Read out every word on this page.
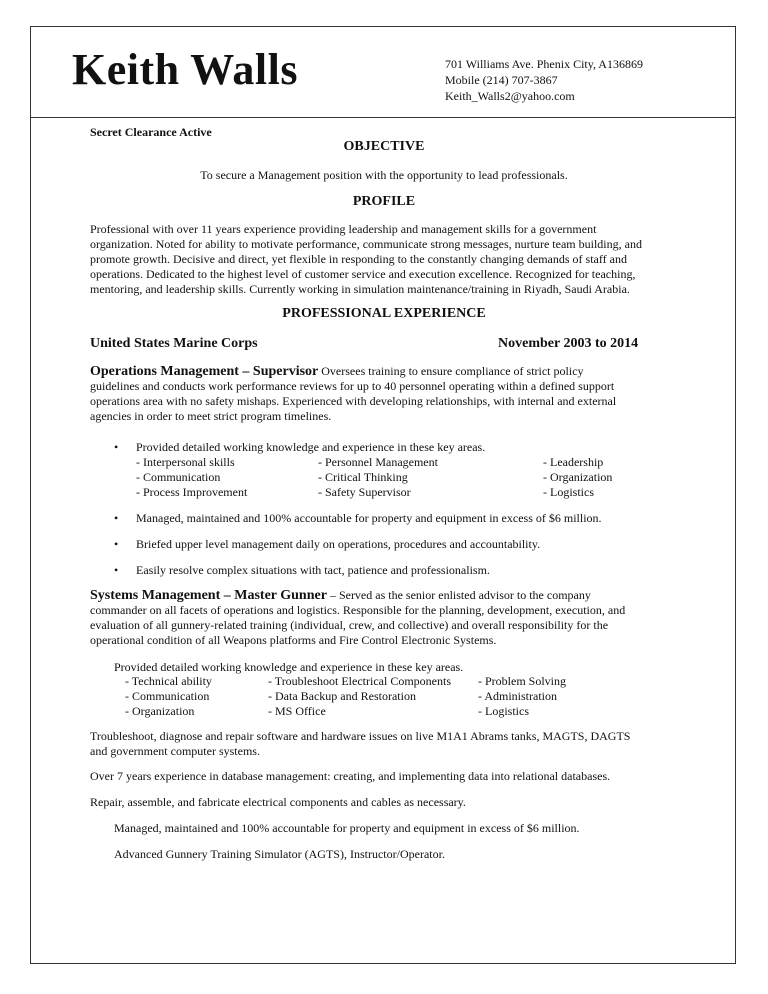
Keith Walls	701 Williams Ave. Phenix City, A136869
Mobile (214) 707-3867
Keith_Walls2@yahoo.com
Secret Clearance Active
OBJECTIVE
To secure a Management position with the opportunity to lead professionals.
PROFILE
Professional with over 11 years experience providing leadership and management skills for a government
organization. Noted for ability to motivate performance, communicate strong messages, nurture team building, and
promote growth. Decisive and direct, yet flexible in responding to the constantly changing demands of staff and
operations. Dedicated to the highest level of customer service and execution excellence. Recognized for teaching,
mentoring, and leadership skills. Currently working in simulation maintenance/training in Riyadh, Saudi Arabia.
PROFESSIONAL EXPERIENCE
United States Marine Corps	November 2003 to 2014
Operations Management – Supervisor Oversees training to ensure compliance of strict policy
guidelines and conducts work performance reviews for up to 40 personnel operating within a defined support
operations area with no safety mishaps. Experienced with developing relationships, with internal and external
agencies in order to meet strict program timelines.
• Provided detailed working knowledge and experience in these key areas.
- Interpersonal skills
- Communication
- Process Improvement
- Personnel Management
- Critical Thinking
- Safety Supervisor
- Leadership
- Organization
- Logistics
• Managed, maintained and 100% accountable for property and equipment in excess of $6 million.
• Briefed upper level management daily on operations, procedures and accountability.
• Easily resolve complex situations with tact, patience and professionalism.
Systems Management – Master Gunner – Served as the senior enlisted advisor to the company
commander on all facets of operations and logistics. Responsible for the planning, development, execution, and
evaluation of all gunnery-related training (individual, crew, and collective) and overall responsibility for the
operational condition of all Weapons platforms and Fire Control Electronic Systems.
Provided detailed working knowledge and experience in these key areas.
- Technical ability
- Communication
- Organization
- Troubleshoot Electrical Components
- Data Backup and Restoration
- MS Office
- Problem Solving
- Administration
- Logistics
Troubleshoot, diagnose and repair software and hardware issues on live M1A1 Abrams tanks, MAGTS, DAGTS
and government computer systems.
Over 7 years experience in database management: creating, and implementing data into relational databases.
Repair, assemble, and fabricate electrical components and cables as necessary.
Managed, maintained and 100% accountable for property and equipment in excess of $6 million.
Advanced Gunnery Training Simulator (AGTS), Instructor/Operator.
